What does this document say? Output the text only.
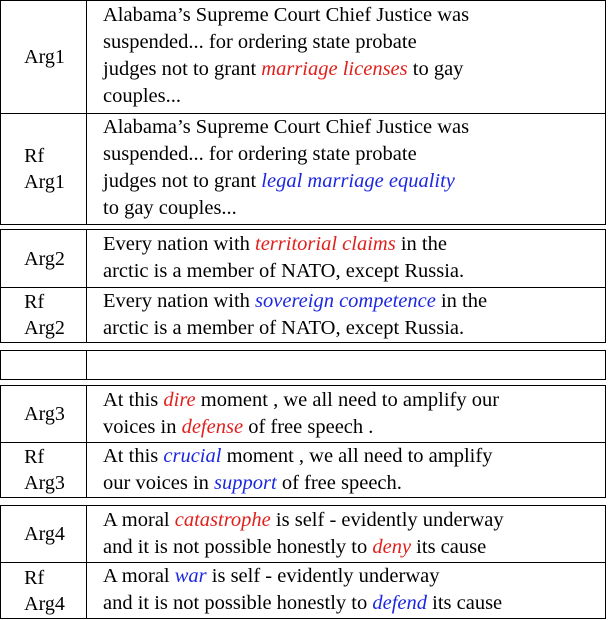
Arg1
Alabama’s Supreme Court Chief Justice was
suspended... for ordering state probate
judges not to grant marriage licenses to gay
couples...
Rf
Arg1
Alabama’s Supreme Court Chief Justice was
suspended... for ordering state probate
judges not to grant legal marriage equality
to gay couples...
Arg2
Every nation with territorial claims in the
arctic is a member of NATO, except Russia.
Rf
Arg2
Every nation with sovereign competence in the
arctic is a member of NATO, except Russia.
Arg3
At this dire moment , we all need to amplify our
voices in defense of free speech .
Rf
Arg3
At this crucial moment , we all need to amplify
our voices in support of free speech.
Arg4
A moral catastrophe is self - evidently underway
and it is not possible honestly to deny its cause
Rf
Arg4
A moral war is self - evidently underway
and it is not possible honestly to defend its cause
